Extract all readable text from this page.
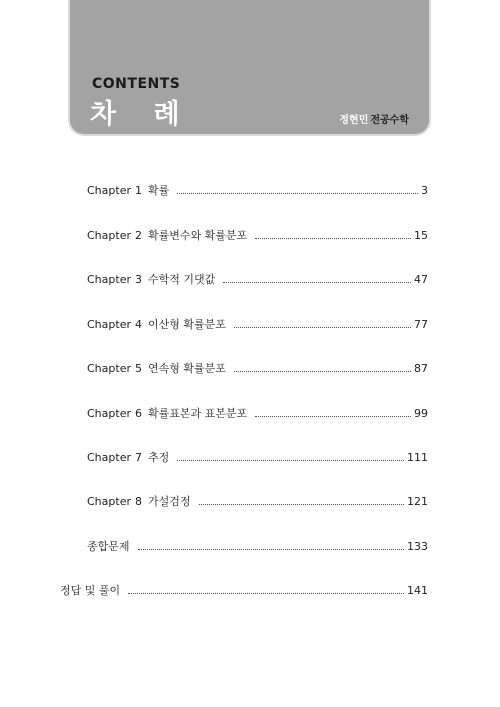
CONTENTS
차 례	정현민 전공수학
Chapter 1 확률	3
Chapter 2 확률변수와 확률분포	15
Chapter 3 수학적 기댓값	47
Chapter 4 이산형 확률분포	77
Chapter 5 연속형 확률분포	87
Chapter 6 확률표본과 표본분포	99
Chapter 7 추정	111
Chapter 8 가설검정	121
종합문제	133
정답 및 풀이	141
